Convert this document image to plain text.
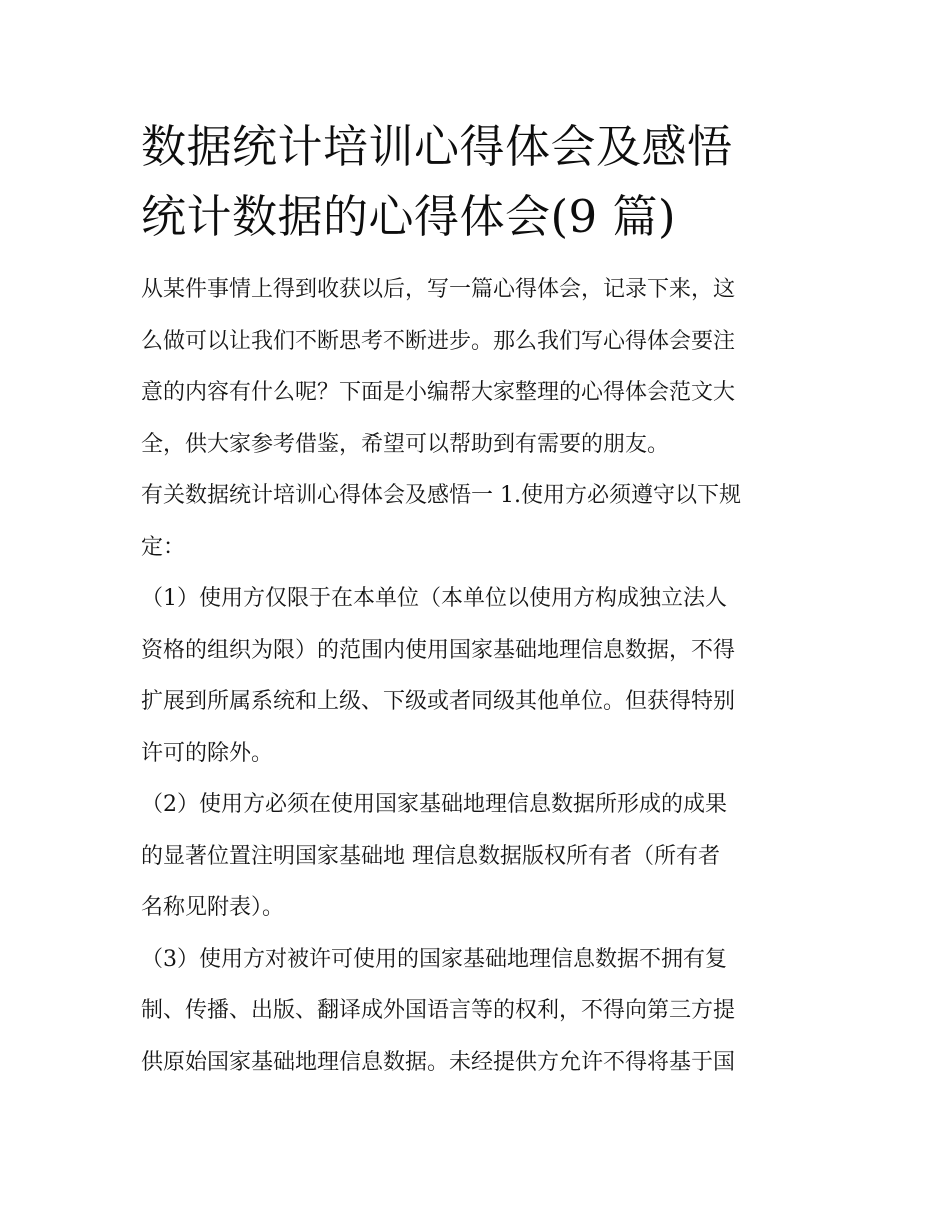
数据统计培训心得体会及感悟
统计数据的心得体会(9 篇)
从某件事情上得到收获以后，写一篇心得体会，记录下来，这
么做可以让我们不断思考不断进步。那么我们写心得体会要注
意的内容有什么呢？下面是小编帮大家整理的心得体会范文大
全，供大家参考借鉴，希望可以帮助到有需要的朋友。
有关数据统计培训心得体会及感悟一 1.使用方必须遵守以下规
定：
（1）使用方仅限于在本单位（本单位以使用方构成独立法人
资格的组织为限）的范围内使用国家基础地理信息数据，不得
扩展到所属系统和上级、下级或者同级其他单位。但获得特别
许可的除外。
（2）使用方必须在使用国家基础地理信息数据所形成的成果
的显著位置注明国家基础地 理信息数据版权所有者（所有者
名称见附表）。
（3）使用方对被许可使用的国家基础地理信息数据不拥有复
制、传播、出版、翻译成外国语言等的权利，不得向第三方提
供原始国家基础地理信息数据。未经提供方允许不得将基于国
